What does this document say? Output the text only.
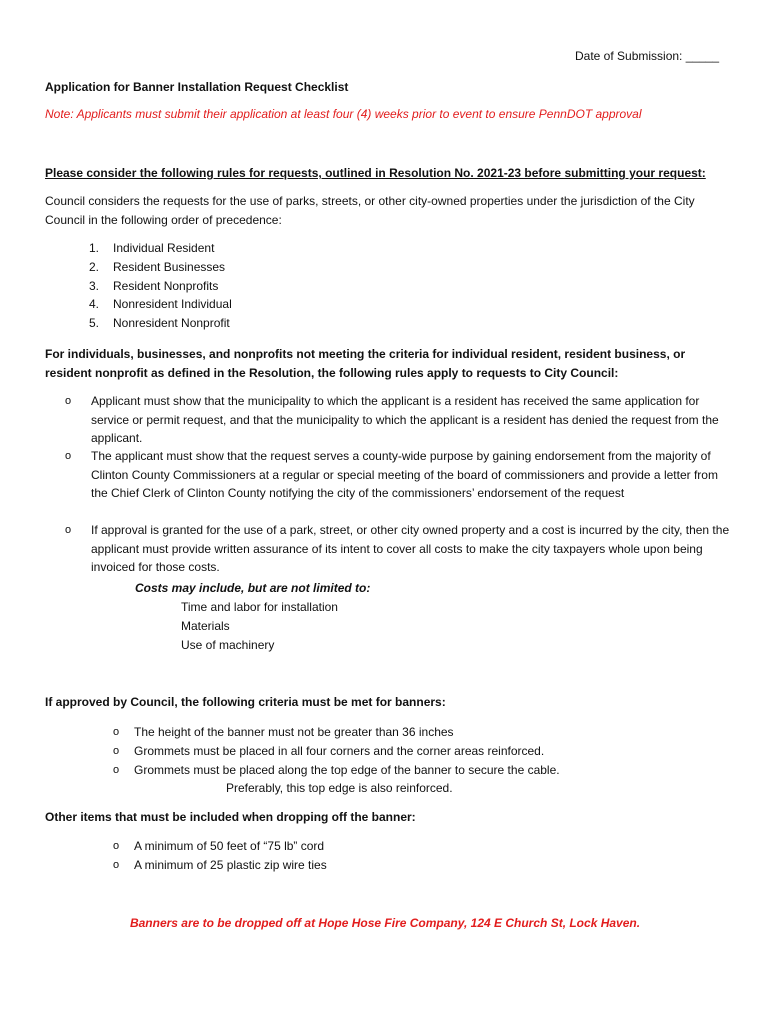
Date of Submission: _____
Application for Banner Installation Request Checklist
Note: Applicants must submit their application at least four (4) weeks prior to event to ensure PennDOT approval
Please consider the following rules for requests, outlined in Resolution No. 2021-23 before submitting your request:
Council considers the requests for the use of parks, streets, or other city-owned properties under the jurisdiction of the City Council in the following order of precedence:
1. Individual Resident
2. Resident Businesses
3. Resident Nonprofits
4. Nonresident Individual
5. Nonresident Nonprofit
For individuals, businesses, and nonprofits not meeting the criteria for individual resident, resident business, or resident nonprofit as defined in the Resolution, the following rules apply to requests to City Council:
o Applicant must show that the municipality to which the applicant is a resident has received the same application for service or permit request, and that the municipality to which the applicant is a resident has denied the request from the applicant.
o The applicant must show that the request serves a county-wide purpose by gaining endorsement from the majority of Clinton County Commissioners at a regular or special meeting of the board of commissioners and provide a letter from the Chief Clerk of Clinton County notifying the city of the commissioners’ endorsement of the request
o If approval is granted for the use of a park, street, or other city owned property and a cost is incurred by the city, then the applicant must provide written assurance of its intent to cover all costs to make the city taxpayers whole upon being invoiced for those costs.
Costs may include, but are not limited to:
Time and labor for installation
Materials
Use of machinery
If approved by Council, the following criteria must be met for banners:
o The height of the banner must not be greater than 36 inches
o Grommets must be placed in all four corners and the corner areas reinforced.
o Grommets must be placed along the top edge of the banner to secure the cable.
Preferably, this top edge is also reinforced.
Other items that must be included when dropping off the banner:
o A minimum of 50 feet of “75 lb” cord
o A minimum of 25 plastic zip wire ties
Banners are to be dropped off at Hope Hose Fire Company, 124 E Church St, Lock Haven.
